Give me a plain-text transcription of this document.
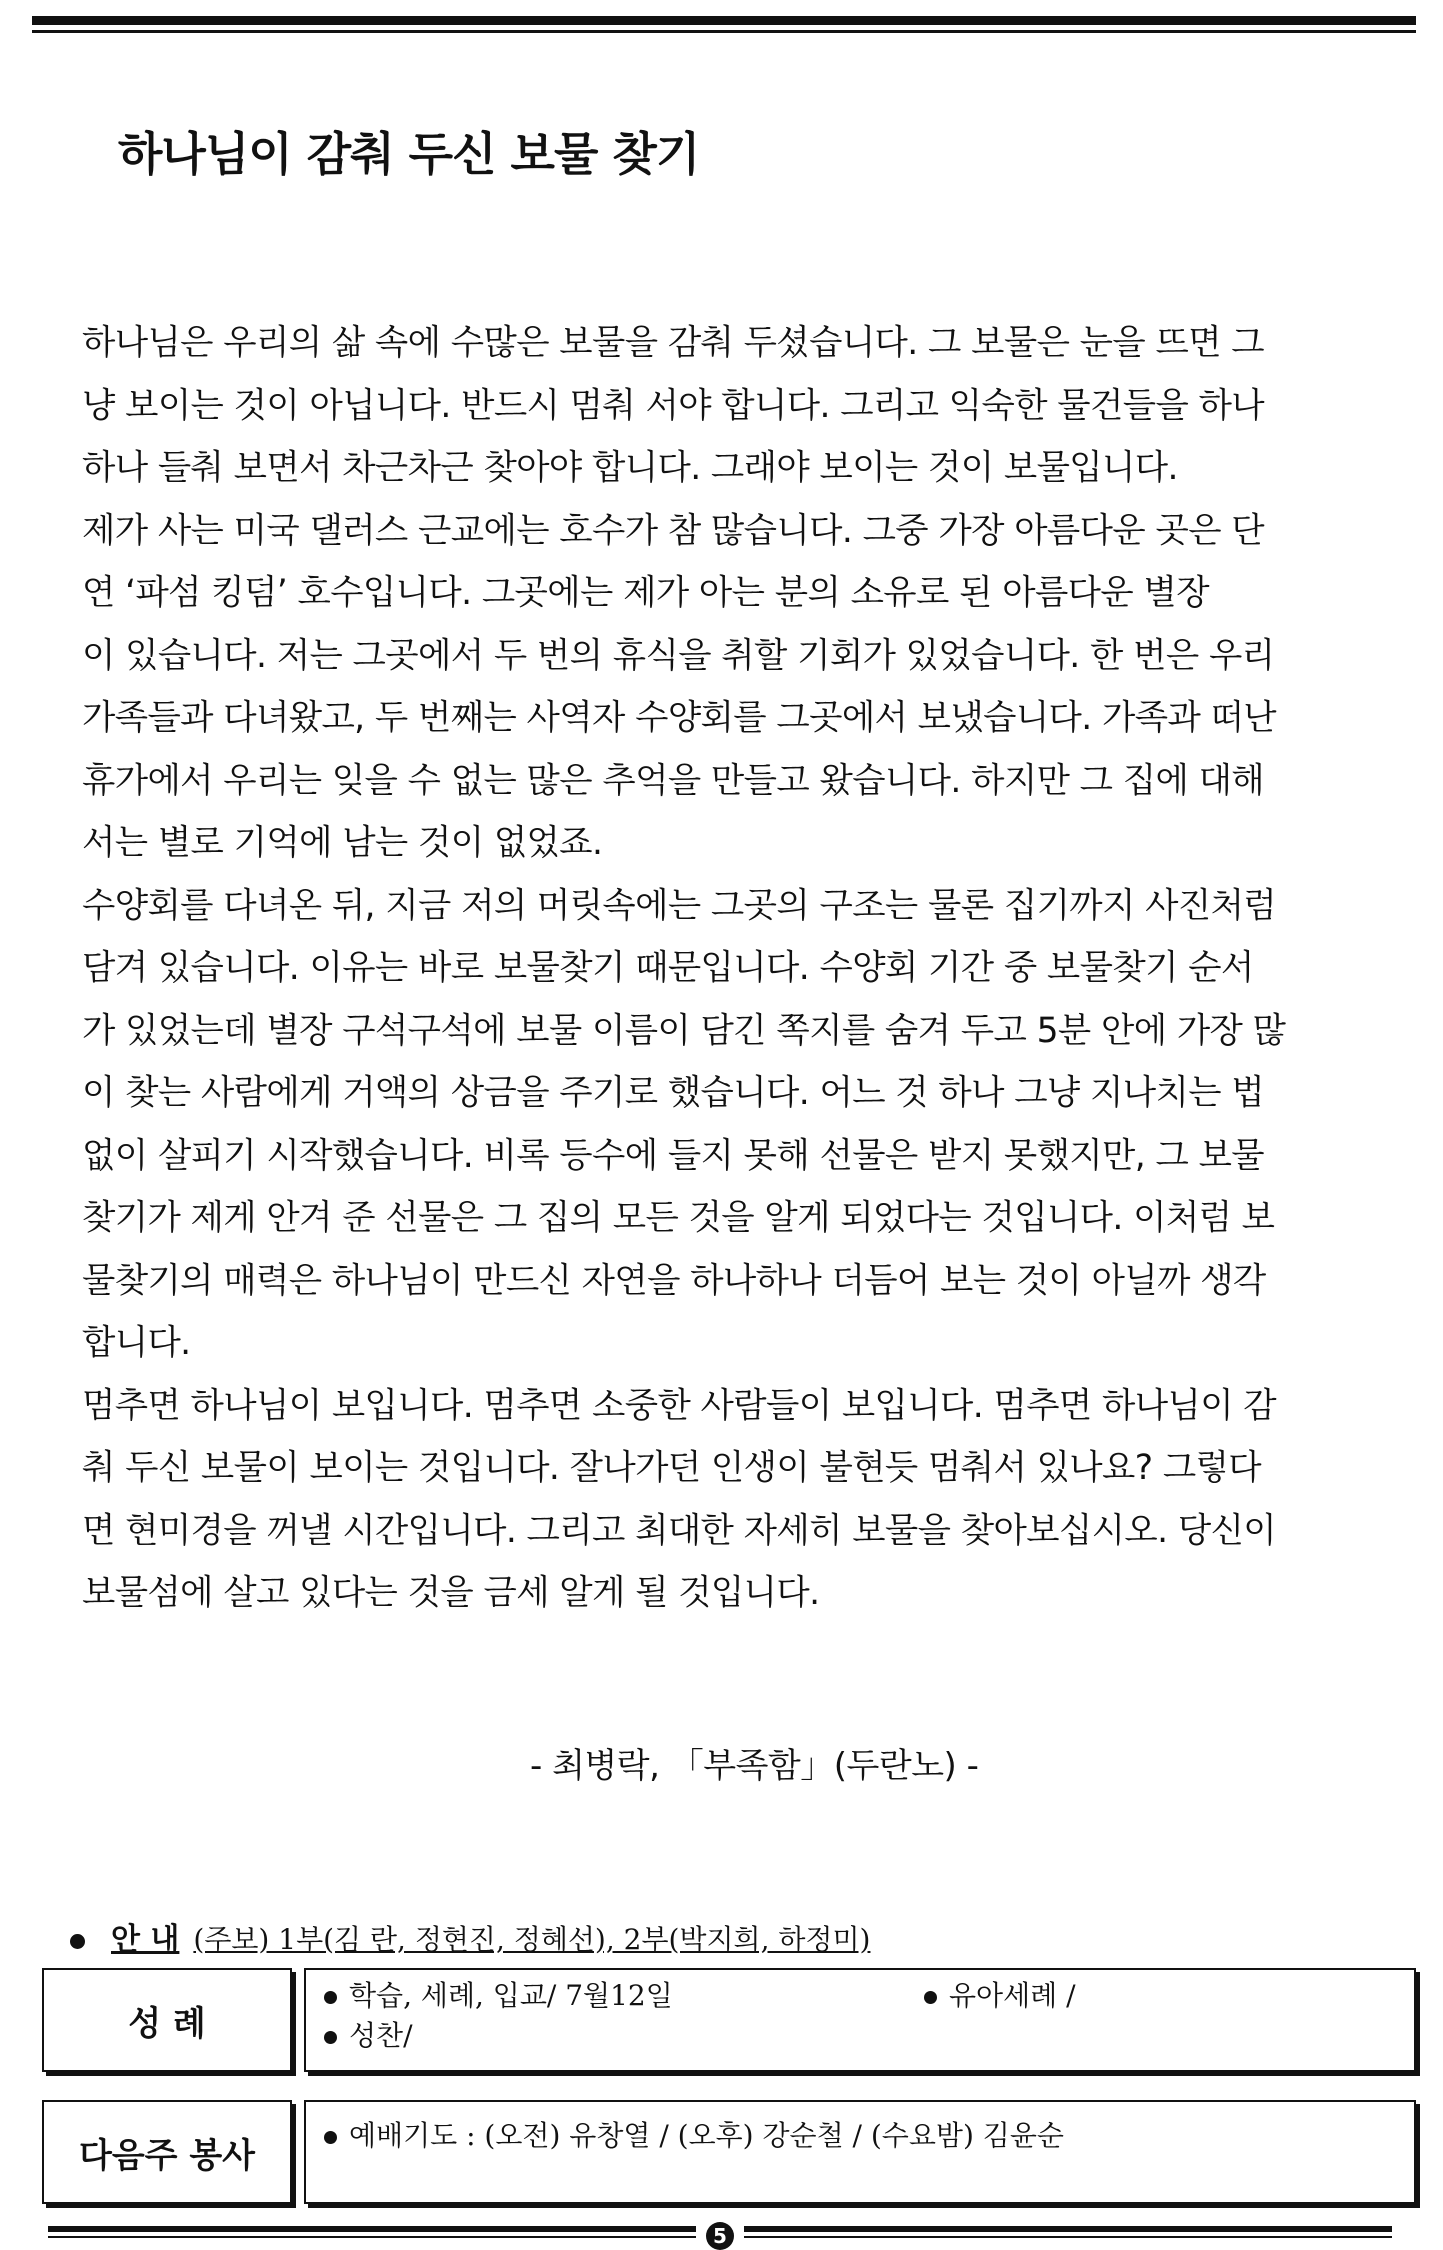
하나님이 감춰 두신 보물 찾기

하나님은 우리의 삶 속에 수많은 보물을 감춰 두셨습니다. 그 보물은 눈을 뜨면 그

냥 보이는 것이 아닙니다. 반드시 멈춰 서야 합니다. 그리고 익숙한 물건들을 하나

하나 들춰 보면서 차근차근 찾아야 합니다. 그래야 보이는 것이 보물입니다.

제가 사는 미국 댈러스 근교에는 호수가 참 많습니다. 그중 가장 아름다운 곳은 단

연 ‘파섬 킹덤’ 호수입니다. 그곳에는 제가 아는 분의 소유로 된 아름다운 별장

이 있습니다. 저는 그곳에서 두 번의 휴식을 취할 기회가 있었습니다. 한 번은 우리

가족들과 다녀왔고, 두 번째는 사역자 수양회를 그곳에서 보냈습니다. 가족과 떠난

휴가에서 우리는 잊을 수 없는 많은 추억을 만들고 왔습니다. 하지만 그 집에 대해

서는 별로 기억에 남는 것이 없었죠.

수양회를 다녀온 뒤, 지금 저의 머릿속에는 그곳의 구조는 물론 집기까지 사진처럼

담겨 있습니다. 이유는 바로 보물찾기 때문입니다. 수양회 기간 중 보물찾기 순서

가 있었는데 별장 구석구석에 보물 이름이 담긴 쪽지를 숨겨 두고 5분 안에 가장 많

이 찾는 사람에게 거액의 상금을 주기로 했습니다. 어느 것 하나 그냥 지나치는 법

없이 살피기 시작했습니다. 비록 등수에 들지 못해 선물은 받지 못했지만, 그 보물

찾기가 제게 안겨 준 선물은 그 집의 모든 것을 알게 되었다는 것입니다. 이처럼 보

물찾기의 매력은 하나님이 만드신 자연을 하나하나 더듬어 보는 것이 아닐까 생각

합니다.

멈추면 하나님이 보입니다. 멈추면 소중한 사람들이 보입니다. 멈추면 하나님이 감

춰 두신 보물이 보이는 것입니다. 잘나가던 인생이 불현듯 멈춰서 있나요? 그렇다

면 현미경을 꺼낼 시간입니다. 그리고 최대한 자세히 보물을 찾아보십시오. 당신이

보물섬에 살고 있다는 것을 금세 알게 될 것입니다.

- 최병락, 「부족함」(두란노) -
안 내 (주보) 1부(김 란, 정현진, 정혜선), 2부(박지희, 하정미)
성 례
학습, 세례, 입교/ 7월12일	유아세례 /
성찬/
다음주 봉사	예배기도 : (오전) 유창열 / (오후) 강순철 / (수요밤) 김윤순
5
